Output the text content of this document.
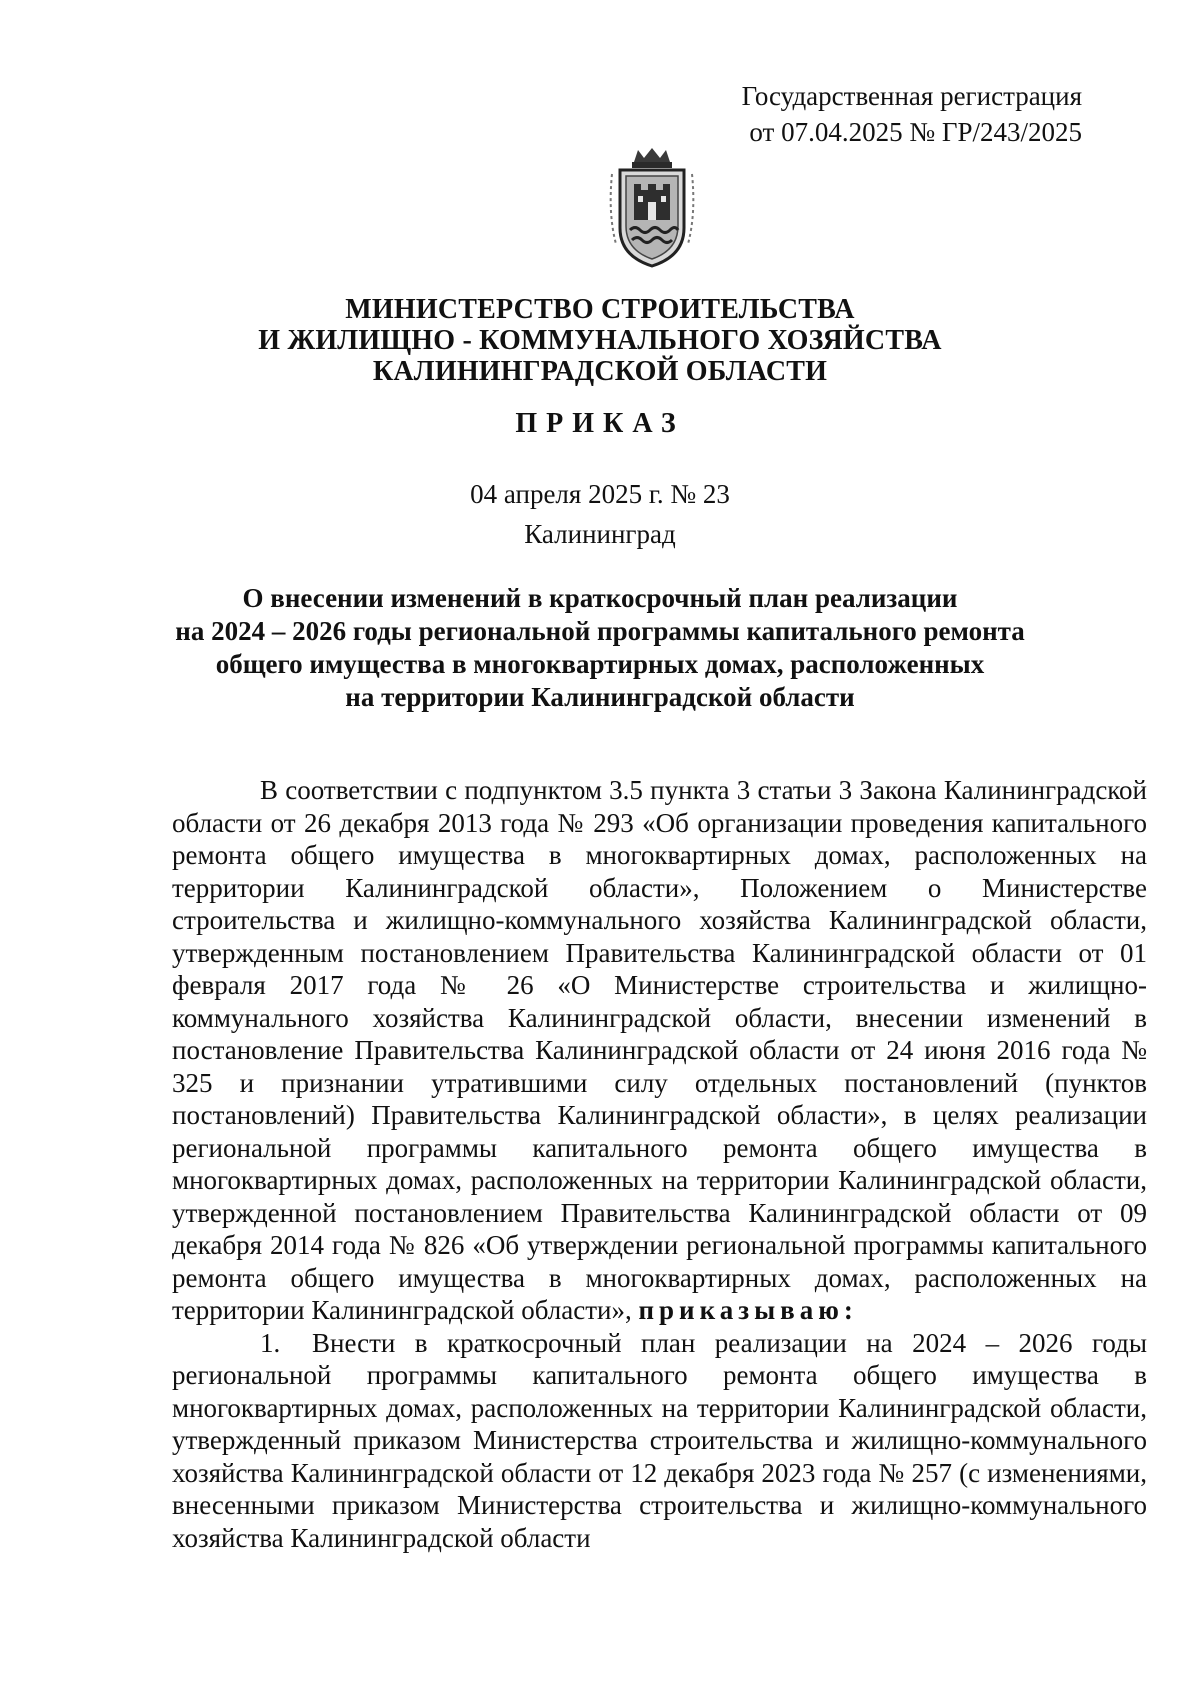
Государственная регистрация
от 07.04.2025 № ГР/243/2025
МИНИСТЕРСТВО СТРОИТЕЛЬСТВА
И ЖИЛИЩНО - КОММУНАЛЬНОГО ХОЗЯЙСТВА
КАЛИНИНГРАДСКОЙ ОБЛАСТИ
ПРИКАЗ
04 апреля 2025 г. № 23
Калининград
О внесении изменений в краткосрочный план реализации
на 2024 – 2026 годы региональной программы капитального ремонта
общего имущества в многоквартирных домах, расположенных
на территории Калининградской области

В соответствии с подпунктом 3.5 пункта 3 статьи 3 Закона Калининградской области от 26 декабря 2013 года № 293 «Об организации проведения капитального ремонта общего имущества в многоквартирных домах, расположенных на территории Калининградской области», Положением о Министерстве строительства и жилищно-коммунального хозяйства Калининградской области, утвержденным постановлением Правительства Калининградской области от 01 февраля 2017 года № 26 «О Министерстве строительства и жилищно-коммунального хозяйства Калининградской области, внесении изменений в постановление Правительства Калининградской области от 24 июня 2016 года № 325 и признании утратившими силу отдельных постановлений (пунктов постановлений) Правительства Калининградской области», в целях реализации региональной программы капитального ремонта общего имущества в многоквартирных домах, расположенных на территории Калининградской области, утвержденной постановлением Правительства Калининградской области от 09 декабря 2014 года № 826 «Об утверждении региональной программы капитального ремонта общего имущества в многоквартирных домах, расположенных на территории Калининградской области», приказываю:

1. Внести в краткосрочный план реализации на 2024 – 2026 годы региональной программы капитального ремонта общего имущества в многоквартирных домах, расположенных на территории Калининградской области, утвержденный приказом Министерства строительства и жилищно-коммунального хозяйства Калининградской области от 12 декабря 2023 года № 257 (с изменениями, внесенными приказом Министерства строительства и жилищно-коммунального хозяйства Калининградской области
